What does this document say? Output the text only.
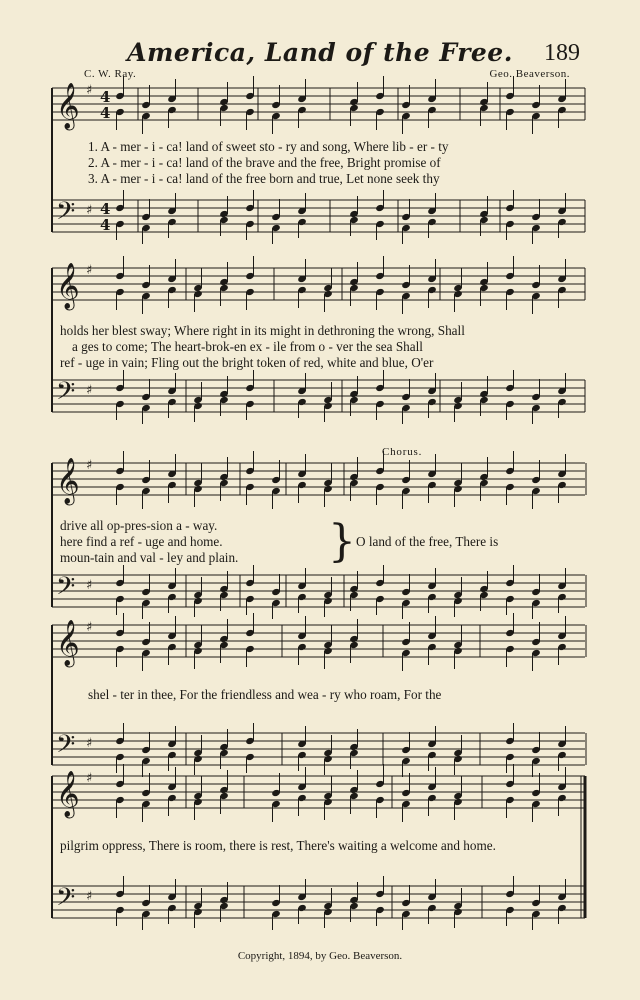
America, Land of the Free.	189
C. W. Ray.	Geo. Beaverson.
𝄞
𝄢
♯
♯
4
4
4
4
𝄞
𝄢
♯
♯
𝄞
𝄢
♯
♯
𝄞
𝄢
♯
♯
𝄞
𝄢
♯
♯
1. A - mer - i - ca! land of sweet sto - ry and song, Where lib - er - ty
2. A - mer - i - ca! land of the brave and the free, Bright promise of
3. A - mer - i - ca! land of the free born and true, Let none seek thy
holds her blest sway; Where right in its might in dethroning the wrong, Shall
a ges to come; The heart-brok-en ex - ile from o - ver the sea Shall
ref - uge in vain; Fling out the bright token of red, white and blue, O'er
Chorus.
drive all op-pres-sion a - way.
here find a ref - uge and home.
moun-tain and val - ley and plain. } O land of the free, There is
shel - ter in thee, For the friendless and wea - ry who roam, For the
pilgrim oppress, There is room, there is rest, There's waiting a welcome and home.
Copyright, 1894, by Geo. Beaverson.
